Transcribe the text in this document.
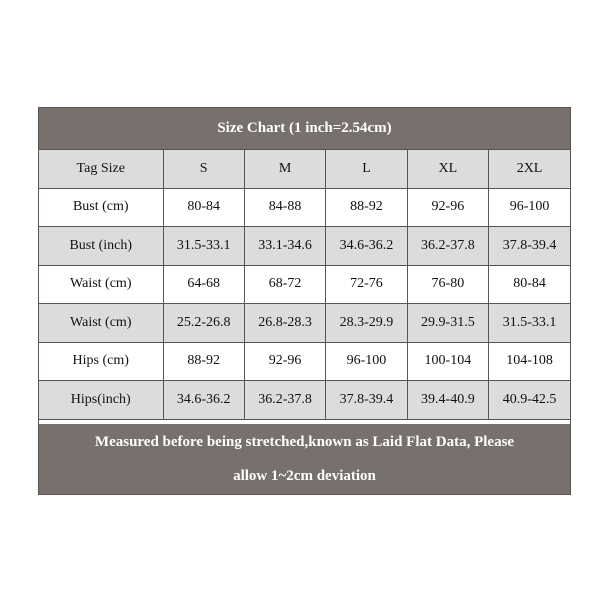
Size Chart (1 inch=2.54cm)
Tag Size	S	M	L	XL	2XL
Bust (cm)	80-84	84-88	88-92	92-96	96-100
Bust (inch)	31.5-33.1	33.1-34.6	34.6-36.2	36.2-37.8	37.8-39.4
Waist (cm)	64-68	68-72	72-76	76-80	80-84
Waist (cm)	25.2-26.8	26.8-28.3	28.3-29.9	29.9-31.5	31.5-33.1
Hips (cm)	88-92	92-96	96-100	100-104	104-108
Hips(inch)	34.6-36.2	36.2-37.8	37.8-39.4	39.4-40.9	40.9-42.5
Measured before being stretched,known as Laid Flat Data, Please
allow 1~2cm deviation
